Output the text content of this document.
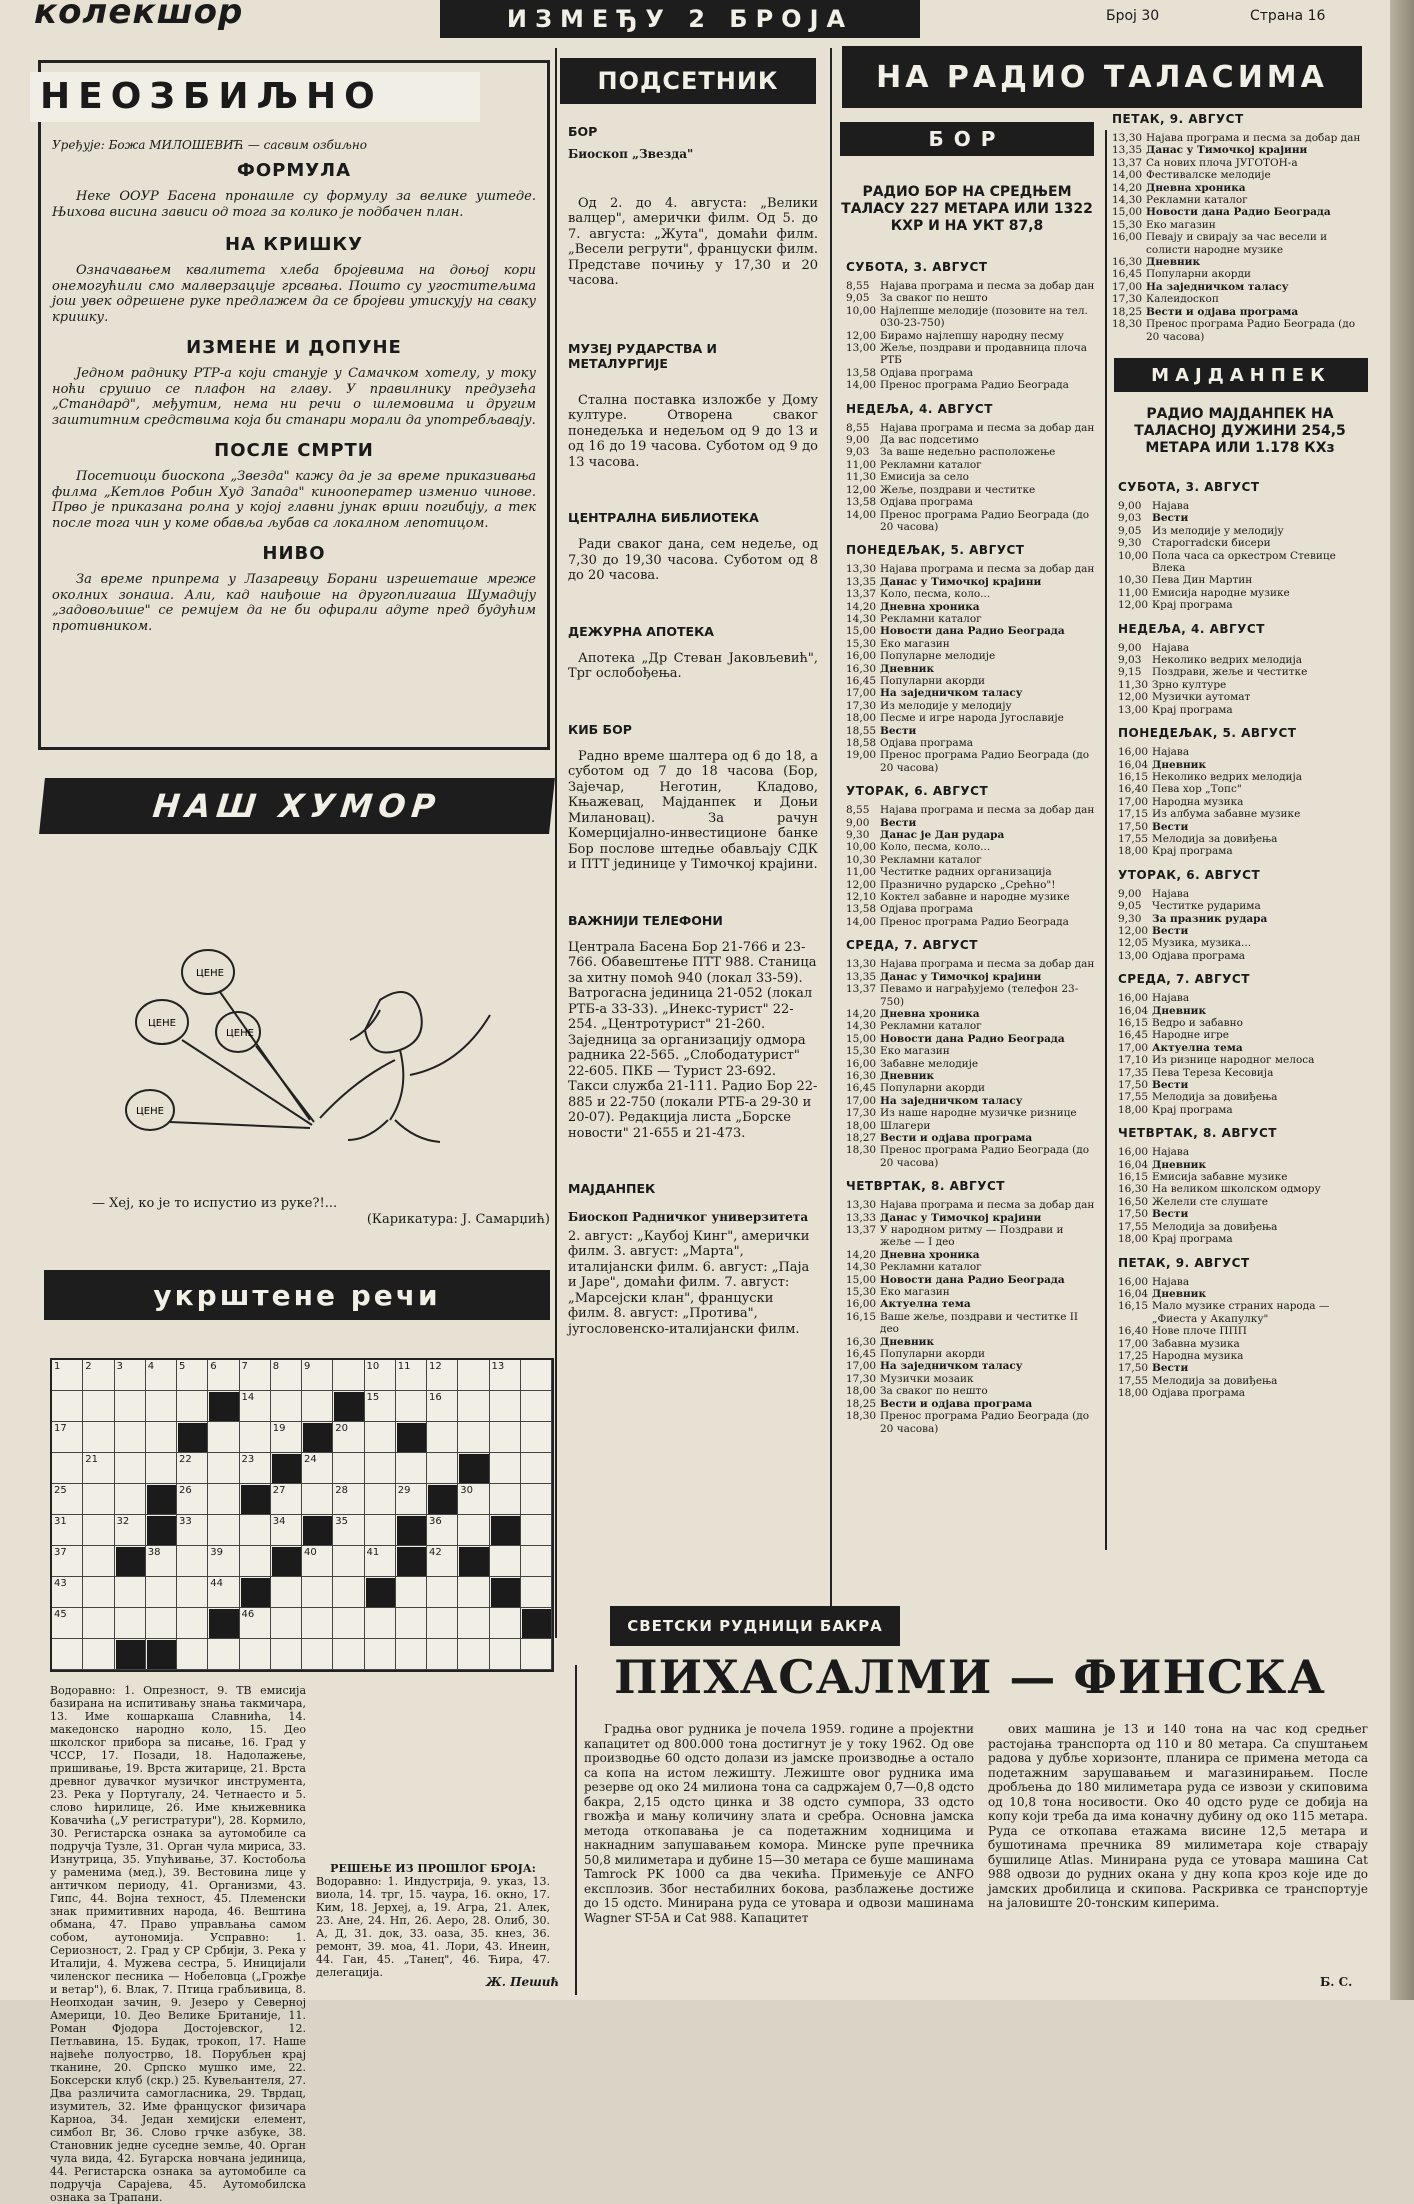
колекшор	ИЗМЕЂУ 2 БРОЈА	Број 30	Страна 16
НЕОЗБИЉНО
Уређује: Божа МИЛОШЕВИЋ — сасвим озбиљно
ФОРМУЛА

Неке ООУР Басена пронашле су формулу за велике уштеде. Њихова висина зависи од тога за колико је подбачен план.

НА КРИШКУ

Означавањем квалитета хлеба бројевима на доњој кори онемогућили смо малверзације грсвања. Пошто су угоститељима још увек одрешене руке предлажем да се бројеви утискују на сваку кришку.

ИЗМЕНЕ И ДОПУНЕ

Једном раднику РТР-а који станује у Самачком хотелу, у току ноћи срушио се плафон на главу. У правилнику предузећа „Стандард", међутим, нема ни речи о шлемовима и другим заштитним средствима која би станари морали да употребљавају.

ПОСЛЕ СМРТИ

Посетиоци биоскопа „Звезда" кажу да је за време приказивања филма „Кетлов Робин Худ Запада" кинооператер изменио чинове. Прво је приказана ролна у којој главни јунак врши погибију, а тек после тога чин у коме обавља љубав са локалном лепотицом.

НИВО

За време припрема у Лазаревцу Борани изрешеташе мреже околних зонаша. Али, кад наиђоше на другоплигаша Шумадију „задовољише" се ремијем да не би офирали адуте пред будућим противником.

НАШ ХУМОР
ЦЕНЕ
ЦЕНЕ
ЦЕНЕ
ЦЕНЕ
— Хеј, ко је то испустио из руке?!...
(Карикатура: Ј. Самарџић)
укрштене речи
1 2 3 4 5 6 7 8 9	10 11 12	13
14	15	16
17	18	19	20
21	22	23	24
25	26	27	28	29	30
31	32	33	34	35	36
37	38	39	40	41	42
43	44
45	46
Водоравно: 1. Опрезност, 9. ТВ емисија базирана на испитивању знања такмичара, 13. Име кошаркаша Славнића, 14. македонско народно коло, 15. Део школског прибора за писање, 16. Град у ЧССР, 17. Позади, 18. Надолажење, пришивање, 19. Врста житарице, 21. Врста древног дувачког музичког инструмента, 23. Река у Португалу, 24. Четнаесто и 5. слово ћирилице, 26. Име књижевника Ковачића („У регистратури"), 28. Кормило, 30. Регистарска ознака за аутомобиле са подручја Тузле, 31. Орган чула мириса, 33. Изнутрица, 35. Упућивање, 37. Костобоља у раменима (мед.), 39. Вестовина лице у античком периоду, 41. Организми, 43. Гипс, 44. Војна техност, 45. Племенски знак примитивних народа, 46. Вештина обмана, 47. Право управљања самом собом, аутономија. Усправно: 1. Сериозност, 2. Град у СР Србији, 3. Река у Италији, 4. Мужева сестра, 5. Иницијали чиленског песника — Нобеловца („Грожђе и ветар"), 6. Влак, 7. Птица грабљивица, 8. Неопходан зачин, 9. Језеро у Северној Америци, 10. Део Велике Британије, 11. Роман Фјодора Достојевског, 12. Петљавина, 15. Будак, трокоп, 17. Наше највеће полуострво, 18. Порубљен крај тканине, 20. Српско мушко име, 22. Боксерски клуб (скр.) 25. Кувељантеля, 27. Два различита самогласника, 29. Тврдац, изумитељ, 32. Име француског физичара Карноа, 34. Један хемијски елемент, симбол Br, 36. Слово грчке азбуке, 38. Становник једне суседне земље, 40. Орган чула вида, 42. Бугарска новчана јединица, 44. Регистарска ознака за аутомобиле са подручја Сарајева, 45. Аутомобилска ознака за Трапани.
РЕШЕЊЕ ИЗ ПРОШЛОГ БРОЈА:

Водоравно: 1. Индустрија, 9. указ, 13. виола, 14. трг, 15. чаура, 16. окно, 17. Ким, 18. Јерхеј, а, 19. Агра, 21. Алек, 23. Ане, 24. Нп, 26. Аеро, 28. Олиб, 30. А, Д, 31. док, 33. оаза, 35. кнез, 36. ремонт, 39. моа, 41. Лори, 43. Инеин, 44. Ган, 45. „Танец", 46. Ћира, 47. делегација.

Ж. Пешић
ПОДСЕТНИК
БОР
Биоскоп „Звезда"

Од 2. до 4. августа: „Велики валцер", амерички филм. Од 5. до 7. августа: „Жута", домаћи филм. „Весели регрути", француски филм. Представе почињу у 17,30 и 20 часова.

МУЗЕЈ РУДАРСТВА И МЕТАЛУРГИЈЕ

Стална поставка изложбе у Дому културе. Отворена сваког понедељка и недељом од 9 до 13 и од 16 до 19 часова. Суботом од 9 до 13 часова.

ЦЕНТРАЛНА БИБЛИОТЕКА

Ради сваког дана, сем недеље, од 7,30 до 19,30 часова. Суботом од 8 до 20 часова.

ДЕЖУРНА АПОТЕКА

Апотека „Др Стеван Јаковљевић", Трг ослобођења.

КИБ БОР

Радно време шалтера од 6 до 18, а суботом од 7 до 18 часова (Бор, Зајечар, Неготин, Кладово, Књажевац, Мајданпек и Доњи Милановац). За рачун Комерцијално-инвестиционе банке Бор послове штедње обављају СДК и ПТТ јединице у Тимочкој крајини.

ВАЖНИЈИ ТЕЛЕФОНИ

Централа Басена Бор 21-766 и 23-766. Обавештење ПТТ 988. Станица за хитну помоћ 940 (локал 33-59). Ватрогасна јединица 21-052 (локал РТБ-а 33-33). „Инекс-турист" 22-254. „Центротурист" 21-260. Заједница за организацију одмора радника 22-565. „Слободатурист" 22-605. ПКБ — Турист 23-692. Такси служба 21-111. Радио Бор 22-885 и 22-750 (локали РТБ-а 29-30 и 20-07). Редакција листа „Борске новости" 21-655 и 21-473.

МАЈДАНПЕК
Биоскоп Радничког универзитета

2. август: „Каубој Кинг", амерички филм. 3. август: „Марта", италијански филм. 6. август: „Паја и Јаре", домаћи филм. 7. август: „Марсејски клан", француски филм. 8. август: „Протива", југословенско-италијански филм.

НА РАДИО ТАЛАСИМА
БОР
РАДИО БОР НА СРЕДЊЕМ ТАЛАСУ 227 МЕТАРА ИЛИ 1322 КХР И НА УКТ 87,8
СУБОТА, 3. АВГУСТ
8,55	Најава програма и песма за добар дан
9,05	За сваког по нешто
10,00 Најлепше мелодије (позовите на тел. 030-23-750)
12,00 Бирамо најлепшу народну песму
13,00 Жеље, поздрави и продавница плоча РТБ
13,58 Одјава програма
14,00 Пренос програма Радио Београда
НЕДЕЉА, 4. АВГУСТ
8,55	Најава програма и песма за добар дан
9,00	Да вас подсетимо
9,03	За ваше недељно расположење
11,00 Рекламни каталог
11,30 Емисија за село
12,00 Жеље, поздрави и честитке
13,58 Одјава програма
14,00 Пренос програма Радио Београда (до 20 часова)
ПОНЕДЕЉАК, 5. АВГУСТ
13,30 Најава програма и песма за добар дан
13,35 Данас у Тимочкој крајини
13,37 Коло, песма, коло...
14,20 Дневна хроника
14,30 Рекламни каталог
15,00 Новости дана Радио Београда
15,30 Еко магазин
16,00 Популарне мелодије
16,30 Дневник
16,45 Популарни акорди
17,00 На заједничком таласу
17,30 Из мелодије у мелодију
18,00 Песме и игре народа Југославије
18,55 Вести
18,58 Одјава програма
19,00 Пренос програма Радио Београда (до 20 часова)
УТОРАК, 6. АВГУСТ
8,55	Најава програма и песма за добар дан
9,00	Вести
9,30	Данас је Дан рудара
10,00 Коло, песма, коло...
10,30 Рекламни каталог
11,00 Честитке радних организација
12,00 Празнично рударско „Срећно"!
12,10 Коктел забавне и народне музике
13,58 Одјава програма
14,00 Пренос програма Радио Београда
СРЕДА, 7. АВГУСТ
13,30 Најава програма и песма за добар дан
13,35 Данас у Тимочкој крајини
13,37 Певамо и награђујемо (телефон 23-750)
14,20 Дневна хроника
14,30 Рекламни каталог
15,00 Новости дана Радио Београда
15,30 Еко магазин
16,00 Забавне мелодије
16,30 Дневник
16,45 Популарни акорди
17,00 На заједничком таласу
17,30 Из наше народне музичке ризнице
18,00 Шлагери
18,27 Вести и одјава програма
18,30 Пренос програма Радио Београда (до 20 часова)
ЧЕТВРТАК, 8. АВГУСТ
13,30 Најава програма и песма за добар дан
13,33 Данас у Тимочкој крајини
13,37 У народном ритму — Поздрави и жеље — I део
14,20 Дневна хроника
14,30 Рекламни каталог
15,00 Новости дана Радио Београда
15,30 Еко магазин
16,00 Актуелна тема
16,15 Ваше жеље, поздрави и честитке II део
16,30 Дневник
16,45 Популарни акорди
17,00 На заједничком таласу
17,30 Музички мозаик
18,00 За сваког по нешто
18,25 Вести и одјава програма
18,30 Пренос програма Радио Београда (до 20 часова)
ПЕТАК, 9. АВГУСТ
13,30 Најава програма и песма за добар дан
13,35 Данас у Тимочкој крајини
13,37 Са нових плоча ЈУГОТОН-а
14,00 Фестивалске мелодије
14,20 Дневна хроника
14,30 Рекламни каталог
15,00 Новости дана Радио Београда
15,30 Еко магазин
16,00 Певају и свирају за час весели и солисти народне музике
16,30 Дневник
16,45 Популарни акорди
17,00 На заједничком таласу
17,30 Калеидоскоп
18,25 Вести и одјава програма
18,30 Пренос програма Радио Београда (до 20 часова)
МАЈДАНПЕК
РАДИО МАЈДАНПЕК НА ТАЛАСНОЈ ДУЖИНИ 254,5 МЕТАРА ИЛИ 1.178 КХз
СУБОТА, 3. АВГУСТ
9,00	Најава
9,03	Вести
9,05	Из мелодије у мелодију
9,30	Старогradски бисери
10,00 Пола часа са оркестром Стевице Влека
10,30 Пева Дин Мартин
11,00 Емисија народне музике
12,00 Крај програма
НЕДЕЉА, 4. АВГУСТ
9,00	Најава
9,03	Неколико ведрих мелодија
9,15	Поздрави, жеље и честитке
11,30 Зрно културе
12,00 Музички аутомат
13,00 Крај програма
ПОНЕДЕЉАК, 5. АВГУСТ
16,00 Најава
16,04 Дневник
16,15 Неколико ведрих мелодија
16,40 Пева хор „Топс"
17,00 Народна музика
17,15 Из албума забавне музике
17,50 Вести
17,55 Мелодија за довиђења
18,00 Крај програма
УТОРАК, 6. АВГУСТ
9,00	Најава
9,05	Честитке рударима
9,30	За празник рудара
12,00 Вести
12,05 Музика, музика...
13,00 Одјава програма
СРЕДА, 7. АВГУСТ
16,00 Најава
16,04 Дневник
16,15 Ведро и забавно
16,45 Народне игре
17,00 Актуелна тема
17,10 Из ризнице народног мелоса
17,35 Пева Тереза Кесовија
17,50 Вести
17,55 Мелодија за довиђења
18,00 Крај програма
ЧЕТВРТАК, 8. АВГУСТ
16,00 Најава
16,04 Дневник
16,15 Емисија забавне музике
16,30 На великом школском одмору
16,50 Желели сте слушате
17,50 Вести
17,55 Мелодија за довиђења
18,00 Крај програма
ПЕТАК, 9. АВГУСТ
16,00 Најава
16,04 Дневник
16,15 Мало музике страних народа — „Фиеста у Акапулку"
16,40 Нове плоче ППП
17,00 Забавна музика
17,25 Народна музика
17,50 Вести
17,55 Мелодија за довиђења
18,00 Одјава програма
СВЕТСКИ РУДНИЦИ БАКРА
ПИХАСАЛМИ — ФИНСКА
Градња овог рудника је почела 1959. године а пројектни капацитет од 800.000 тона достигнут је у току 1962. Од ове производње 60 одсто долази из јамске производње а остало са копа на истом лежишту. Лежиште овог рудника има резерве од око 24 милиона тона са садржајем 0,7—0,8 одсто бакра, 2,15 одсто цинка и 38 одсто сумпора, 33 одсто гвожђа и мању количину злата и сребра. Основна јамска метода откопавања је са подетажним ходницима и накнадним запушавањем комора. Минске рупе пречника 50,8 милиметара и дубине 15—30 метара се буше машинама Tamrock PK 1000 са два чекића. Примењује се ANFO експлозив. Због нестабилних бокова, разблажење достиже до 15 одсто. Минирана руда се утовара и одвози машинама Wagner ST-5A и Cat 988. Капацитет
ових машина је 13 и 140 тона на час код средњег растојања транспорта од 110 и 80 метара. Са спуштањем радова у дубље хоризонте, планира се примена метода са подетажним зарушавањем и магазинирањем. После дробљења до 180 милиметара руда се извози у скиповима од 10,8 тона носивости. Око 40 одсто руде се добија на копу који треба да има коначну дубину од око 115 метара. Руда се откопава етажама висине 12,5 метара и бушотинама пречника 89 милиметара које стварају бушилице Atlas. Минирана руда се утовара машина Cat 988 одвози до рудних окана у дну копа кроз које иде до јамских дробилица и скипова. Раскривка се транспортује на јаловиште 20-тонским киперима.
Б. С.
